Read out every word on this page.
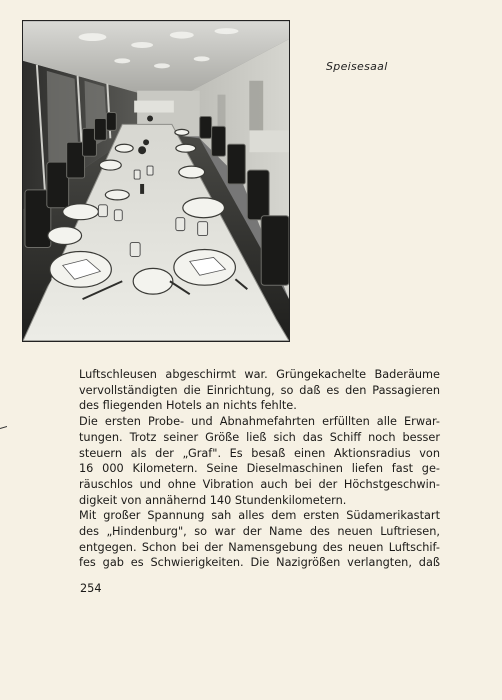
Speisesaal
Luftschleusen abgeschirmt war. Grüngekachelte Baderäume
vervollständigten die Einrichtung, so daß es den Passagieren
des fliegenden Hotels an nichts fehlte.
Die ersten Probe- und Abnahmefahrten erfüllten alle Erwar-
tungen. Trotz seiner Größe ließ sich das Schiff noch besser
steuern als der „Graf". Es besaß einen Aktionsradius von
16 000 Kilometern. Seine Dieselmaschinen liefen fast ge-
räuschlos und ohne Vibration auch bei der Höchstgeschwin-
digkeit von annähernd 140 Stundenkilometern.
Mit großer Spannung sah alles dem ersten Südamerikastart
des „Hindenburg", so war der Name des neuen Luftriesen,
entgegen. Schon bei der Namensgebung des neuen Luftschif-
fes gab es Schwierigkeiten. Die Nazigrößen verlangten, daß
254
